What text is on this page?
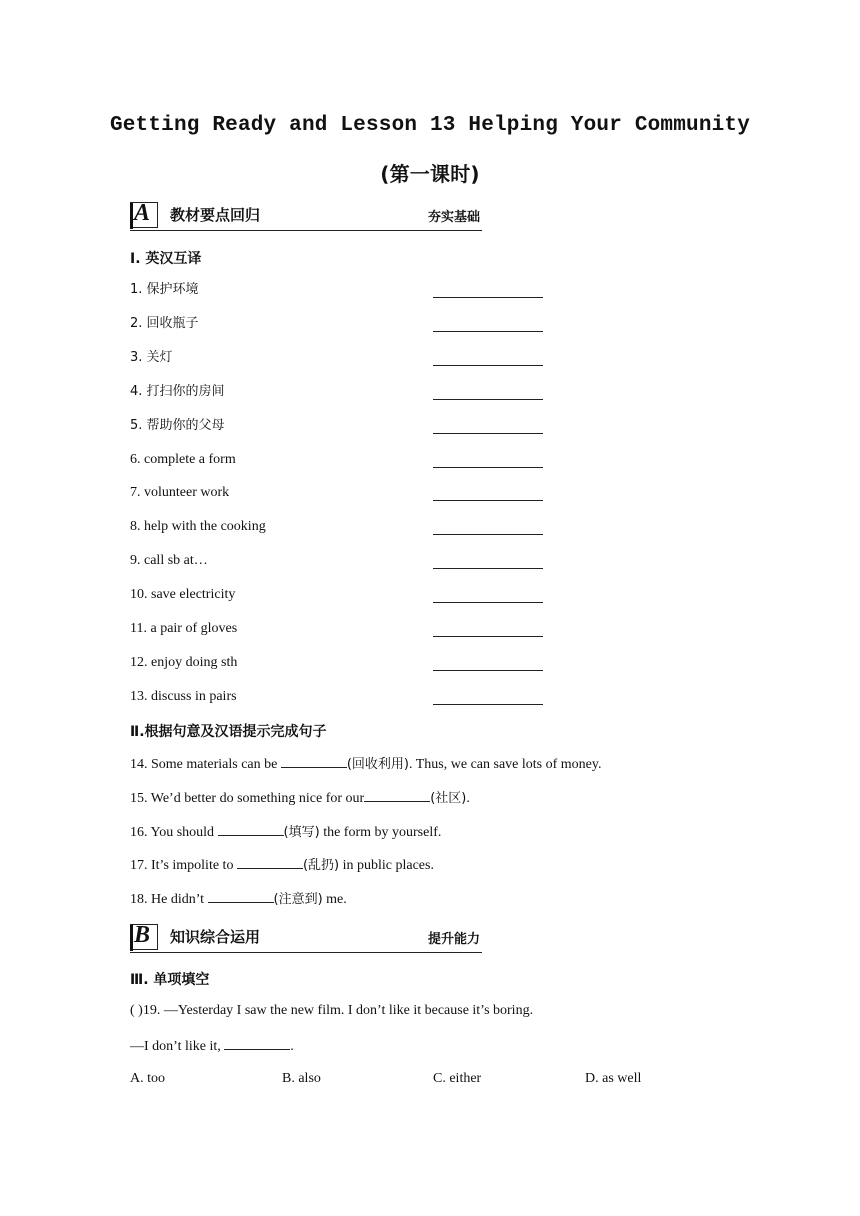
Getting Ready and Lesson 13 Helping Your Community
(第一课时)
A 教材要点回归	夯实基础
Ⅰ. 英汉互译
1. 保护环境
2. 回收瓶子
3. 关灯
4. 打扫你的房间
5. 帮助你的父母
6. complete a form
7. volunteer work
8. help with the cooking
9. call sb at…
10. save electricity
11. a pair of gloves
12. enjoy doing sth
13. discuss in pairs
Ⅱ.根据句意及汉语提示完成句子
14. Some materials can be	(回收利用). Thus, we can save lots of money.
15. We’d better do something nice for our	(社区).
16. You should	(填写) the form by yourself.
17. It’s impolite to	(乱扔) in public places.
18. He didn’t	(注意到) me.
B 知识综合运用	提升能力
Ⅲ. 单项填空
( )19. —Yesterday I saw the new film. I don’t like it because it’s boring.
—I don’t like it,	.
A. too	B. also	C. either	D. as well
